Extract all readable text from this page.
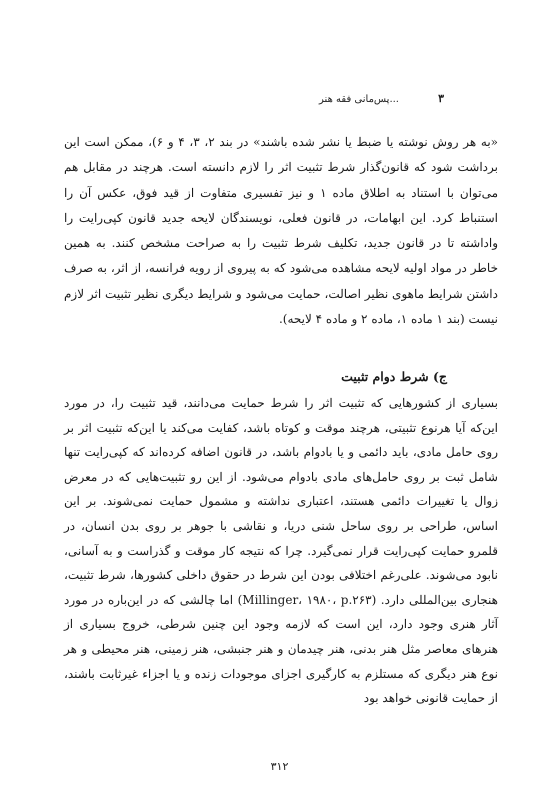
...پس‌مانی فقه هنر	۳

«به هر روش نوشته یا ضبط یا نشر شده باشند» در بند ۲، ۳، ۴ و ۶)، ممکن است این برداشت شود که قانون‌گذار شرط تثبیت اثر را لازم دانسته است. هرچند در مقابل هم می‌توان با استناد به اطلاق ماده ۱ و نیز تفسیری متفاوت از قید فوق، عکس آن را استنباط کرد. این ابهامات، در قانون فعلی، نویسندگان لایحه جدید قانون کپی‌رایت را واداشته تا در قانون جدید، تکلیف شرط تثبیت را به صراحت مشخص کنند. به همین خاطر در مواد اولیه لایحه مشاهده می‌شود که به پیروی از رویه فرانسه، از اثر، به صرف داشتن شرایط ماهوی نظیر اصالت، حمایت می‌شود و شرایط دیگری نظیر تثبیت اثر لازم نیست (بند ۱ ماده ۱، ماده ۲ و ماده ۴ لایحه).

ج) شرط دوام تثبیت

بسیاری از کشورهایی که تثبیت اثر را شرط حمایت می‌دانند، قید تثبیت را، در مورد این‌که آیا هرنوع تثبیتی، هرچند موقت و کوتاه باشد، کفایت می‌کند یا این‌که تثبیت اثر بر روی حامل مادی، باید دائمی و یا بادوام باشد، در قانون اضافه کرده‌اند که کپی‌رایت تنها شامل ثبت بر روی حامل‌های مادی بادوام می‌شود. از این رو تثبیت‌هایی که در معرض زوال یا تغییرات دائمی هستند، اعتباری نداشته و مشمول حمایت نمی‌شوند. بر این اساس، طراحی بر روی ساحل شنی دریا، و نقاشی با جوهر بر روی بدن انسان، در قلمرو حمایت کپی‌رایت قرار نمی‌گیرد. چرا که نتیجه کار موقت و گذراست و به آسانی، نابود می‌شوند. علی‌رغم اختلافی بودن این شرط در حقوق داخلی کشورها، شرط تثبیت، هنجاری بین‌المللی دارد. (Millinger، ۱۹۸۰، p.۲۶۳) اما چالشی که در این‌باره در مورد آثار هنری وجود دارد، این است که لازمه وجود این چنین شرطی، خروج بسیاری از هنرهای معاصر مثل هنر بدنی، هنر چیدمان و هنر جنبشی، هنر زمینی، هنر محیطی و هر نوع هنر دیگری که مستلزم به کارگیری اجزای موجودات زنده و یا اجزاء غیرثابت باشند، از حمایت قانونی خواهد بود

۳۱۲
